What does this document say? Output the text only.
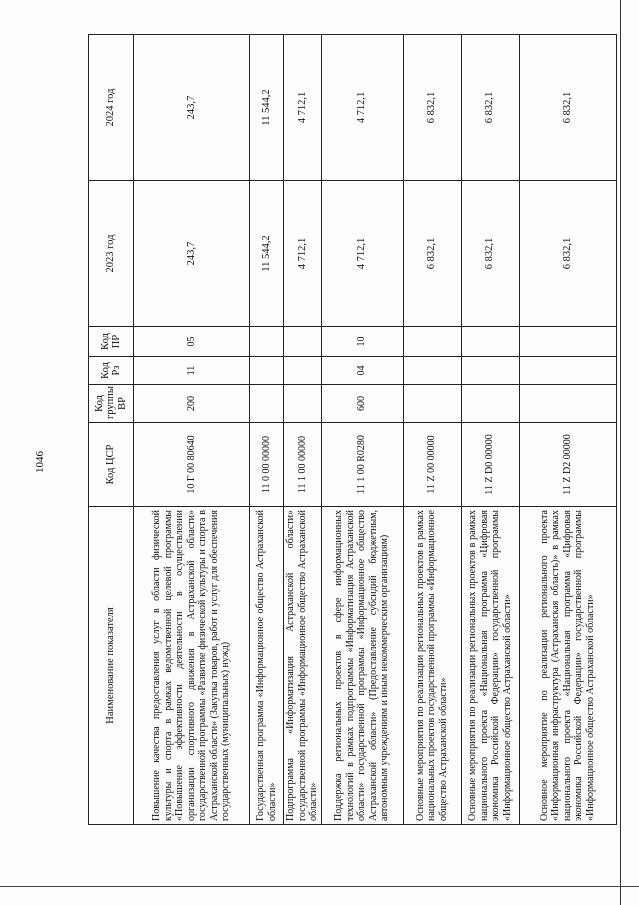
1046
Наименование показателя	Код ЦСР	Код группы ВР	Код Рз	Код ПР	2023 год	2024 год
Повышение качества предоставления услуг в области физической культуры и спорта в рамках ведомственной целевой программы «Повышение эффективности деятельности в осуществлении организации спортивного движения в Астраханской области» государственной программы «Развитие физической культуры и спорта в Астраханской области» (Закупка товаров, работ и услуг для обеспечения государственных (муниципальных) нужд)	10 Г 00 80640	200	11	05	243,7	243,7
Государственная программа «Информационное общество Астраханской области»	11 0 00 00000				11 544,2	11 544,2
Подпрограмма «Информатизация Астраханской области» государственной программы «Информационное общество Астраханской области»	11 1 00 00000				4 712,1	4 712,1
Поддержка региональных проектов в сфере информационных технологий в рамках подпрограммы «Информатизация Астраханской области» государственной программы «Информационное общество Астраханской области» (Предоставление субсидий бюджетным, автономным учреждениям и иным некоммерческим организациям)	11 1 00 R0280	600	04	10	4 712,1	4 712,1
Основные мероприятия по реализации региональных проектов в рамках национальных проектов государственной программы «Информационное общество Астраханской области»	11 Z 00 00000				6 832,1	6 832,1
Основные мероприятия по реализации региональных проектов в рамках национального проекта «Национальная программа «Цифровая экономика Российской Федерации» государственной программы «Информационное общество Астраханской области»	11 Z D0 00000				6 832,1	6 832,1
Основное мероприятие по реализации регионального проекта «Информационная инфраструктура (Астраханская область)» в рамках национального проекта «Национальная программа «Цифровая экономика Российской Федерации» государственной программы «Информационное общество Астраханской области»	11 Z D2 00000				6 832,1	6 832,1
